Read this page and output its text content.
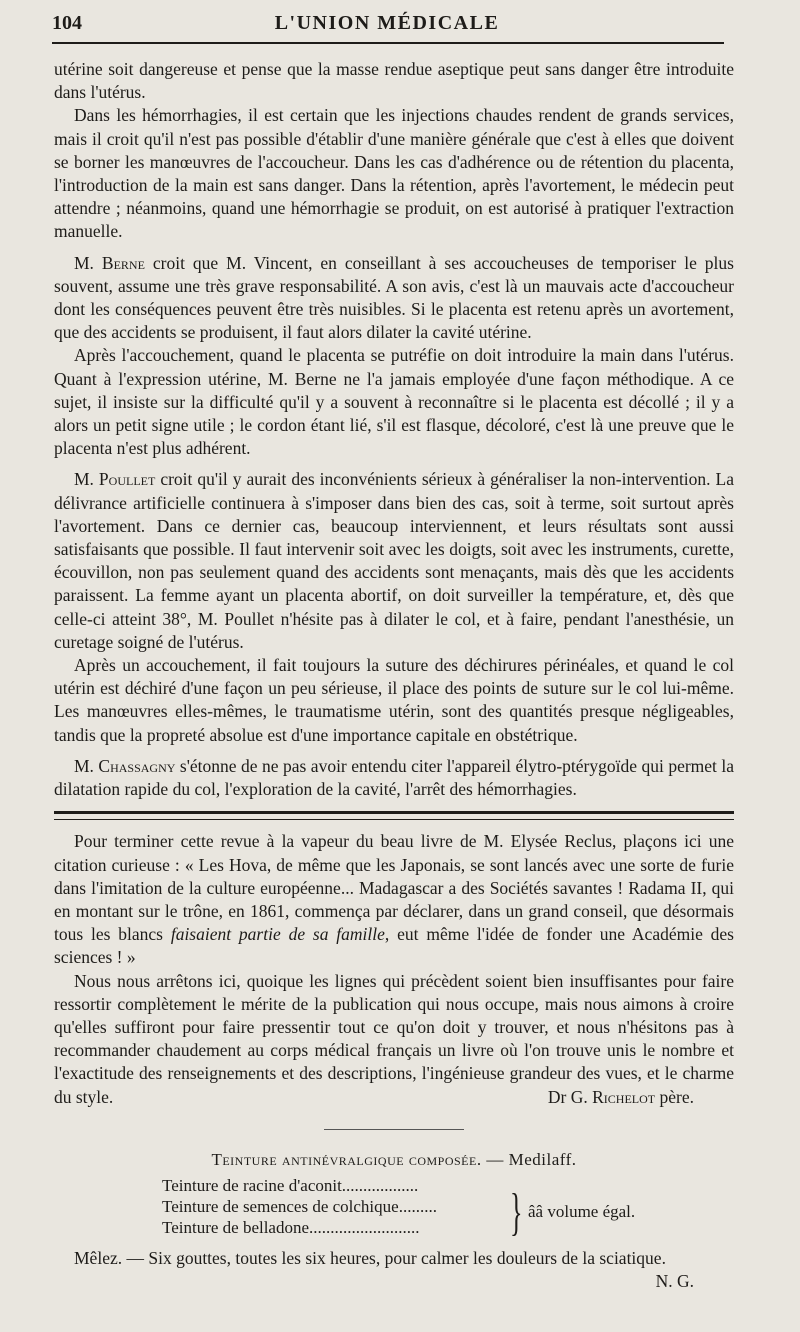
104	L'UNION MÉDICALE

utérine soit dangereuse et pense que la masse rendue aseptique peut sans danger être introduite dans l'utérus.

Dans les hémorrhagies, il est certain que les injections chaudes rendent de grands services, mais il croit qu'il n'est pas possible d'établir d'une manière générale que c'est à elles que doivent se borner les manœuvres de l'accoucheur. Dans les cas d'adhérence ou de rétention du placenta, l'introduction de la main est sans danger. Dans la rétention, après l'avortement, le médecin peut attendre ; néanmoins, quand une hémorrhagie se produit, on est autorisé à pratiquer l'extraction manuelle.

M. Berne croit que M. Vincent, en conseillant à ses accoucheuses de temporiser le plus souvent, assume une très grave responsabilité. A son avis, c'est là un mauvais acte d'accoucheur dont les conséquences peuvent être très nuisibles. Si le placenta est retenu après un avortement, que des accidents se produisent, il faut alors dilater la cavité utérine.

Après l'accouchement, quand le placenta se putréfie on doit introduire la main dans l'utérus. Quant à l'expression utérine, M. Berne ne l'a jamais employée d'une façon méthodique. A ce sujet, il insiste sur la difficulté qu'il y a souvent à reconnaître si le placenta est décollé ; il y a alors un petit signe utile ; le cordon étant lié, s'il est flasque, décoloré, c'est là une preuve que le placenta n'est plus adhérent.

M. Poullet croit qu'il y aurait des inconvénients sérieux à généraliser la non-intervention. La délivrance artificielle continuera à s'imposer dans bien des cas, soit à terme, soit surtout après l'avortement. Dans ce dernier cas, beaucoup interviennent, et leurs résultats sont aussi satisfaisants que possible. Il faut intervenir soit avec les doigts, soit avec les instruments, curette, écouvillon, non pas seulement quand des accidents sont menaçants, mais dès que les accidents paraissent. La femme ayant un placenta abortif, on doit surveiller la température, et, dès que celle-ci atteint 38°, M. Poullet n'hésite pas à dilater le col, et à faire, pendant l'anesthésie, un curetage soigné de l'utérus.

Après un accouchement, il fait toujours la suture des déchirures périnéales, et quand le col utérin est déchiré d'une façon un peu sérieuse, il place des points de suture sur le col lui-même. Les manœuvres elles-mêmes, le traumatisme utérin, sont des quantités presque négligeables, tandis que la propreté absolue est d'une importance capitale en obstétrique.

M. Chassagny s'étonne de ne pas avoir entendu citer l'appareil élytro-ptérygoïde qui permet la dilatation rapide du col, l'exploration de la cavité, l'arrêt des hémorrhagies.

Pour terminer cette revue à la vapeur du beau livre de M. Elysée Reclus, plaçons ici une citation curieuse : « Les Hova, de même que les Japonais, se sont lancés avec une sorte de furie dans l'imitation de la culture européenne... Madagascar a des Sociétés savantes ! Radama II, qui en montant sur le trône, en 1861, commença par déclarer, dans un grand conseil, que désormais tous les blancs faisaient partie de sa famille, eut même l'idée de fonder une Académie des sciences ! »

Nous nous arrêtons ici, quoique les lignes qui précèdent soient bien insuffisantes pour faire ressortir complètement le mérite de la publication qui nous occupe, mais nous aimons à croire qu'elles suffiront pour faire pressentir tout ce qu'on doit y trouver, et nous n'hésitons pas à recommander chaudement au corps médical français un livre où l'on trouve unis le nombre et l'exactitude des renseignements et des descriptions, l'ingénieuse grandeur des vues, et le charme du style.	Dr G. Richelot père.
Teinture antinévralgique composée. — Medilaff.
Teinture de racine d'aconit..................
Teinture de semences de colchique.........
Teinture de belladone..........................	} ââ volume égal.

Mêlez. — Six gouttes, toutes les six heures, pour calmer les douleurs de la sciatique.

N. G.
